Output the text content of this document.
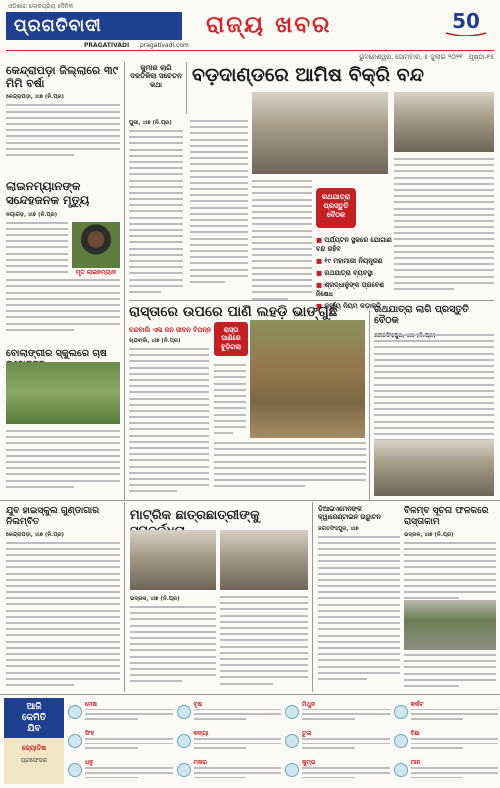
ଓଡ଼ିଶାର ଲୋକପ୍ରିୟ ଦୈନିକ
ପ୍ରଗତିବାଦୀ
PRAGATIVADI pragativadi.com
ରାଜ୍ୟ ଖବର	50
ଭୁବନେଶ୍ୱର, ସୋମବାର, ୫ ଜୁଲାଇ ୨୦୨୧ ପୃଷ୍ଠା-୧୫
କେନ୍ଦ୍ରାପଡ଼ା ଜିଲ୍ଲାରେ ୩୯ ମିମି ବର୍ଷା
କେନ୍ଦ୍ରାପଡ଼ା, ୪ା୭ (ନି.ପ୍ର)
ଲାଇନମ୍ୟାନଙ୍କ ସନ୍ଦେହଜନକ ମୃତ୍ୟୁ
ନୟାଗଡ଼, ୪ା୭ (ନି.ପ୍ର)
ମୃତ ଲାଇନମ୍ୟାନ
ବୋଲାଙ୍ଗୀର ସ୍କୁଲରେ ଚାଷ
କୁମାର ଲାଗି ଦଳତିକିଲା ସଚେତନ କଥା	ବଡ଼ଦାଣ୍ଡରେ ଆମିଷ ବିକ୍ରି ବନ୍ଦ
ପୁରୀ, ୪ା୭ (ନି.ପ୍ର)
ରଥଯାତ୍ରା ପ୍ରସ୍ତୁତି ବୈଠକ
■ ପର୍ଯ୍ୟଟନ ସ୍ଥଳରେ ଯୋଗାଣ ବନ୍ଦ ରହିବ
■ ୧୯ ମହାମାରୀ ନିୟନ୍ତ୍ରଣ
■ ରଥଯାତ୍ରା ବ୍ୟବସ୍ଥା
■ ଶ୍ରଦ୍ଧାଳୁଙ୍କ ପ୍ରବେଶ ନିଷେଧ
■ କର୍ଫ୍ୟୁ ନିୟମ କଡ଼ାକଡ଼ି
ରାସ୍ତାରେ ଉପରେ ପାଣି ଲହଡ଼ି ଭାଙ୍ଗୁଛି
ଚନ୍ଦବାଲି ଏଳା ଜନ ଜୀବନ ବିପନ୍ନ
ଚାନ୍ଦବାଲି, ୪ା୭ (ନି.ପ୍ର)
ରାସ୍ତା ପାଣିରେ ବୁଡ଼ିଗଲା
ରଥଯାତ୍ରା ଲାଗି ପ୍ରସ୍ତୁତି ବୈଠକ
ଯୁବ ହାଇସ୍କୁଲ ଗୁଣ୍ଡାଗାର ନିଲମ୍ବିତ
କେନ୍ଦ୍ରାପଡ଼ା, ୪ା୭ (ନି.ପ୍ର)
ମାଟ୍ରିକ ଛାତ୍ରଛାତ୍ରୀଙ୍କୁ
ଭଦ୍ରକ, ୪ା୭ (ନି.ପ୍ର)
ଡିଆଇଏମେନଙ୍କ କ୍ୱାରେଣ୍ଟାଇନ ଉଦ୍ଘାଟନ
ଜଗତସିଂହପୁର, ୪ା୭
ବିଳମ୍ବ ସୂଚନା ଫଳକରେ ରାସ୍ତାକାମ
ଭଦ୍ରକ, ୪ା୭ (ନି.ପ୍ର)
ଆଜି
କେମିତି
ଯିବ
ଜ୍ୟୋତିଷ
ପ୍ରଫେସର
ମେଷ	ବୃଷ	ମିଥୁନ	କର୍କଟ
ସିଂହ	କନ୍ୟା	ତୁଳା	ବିଛା
ଧନୁ	ମକର	କୁମ୍ଭ	ମୀନ
